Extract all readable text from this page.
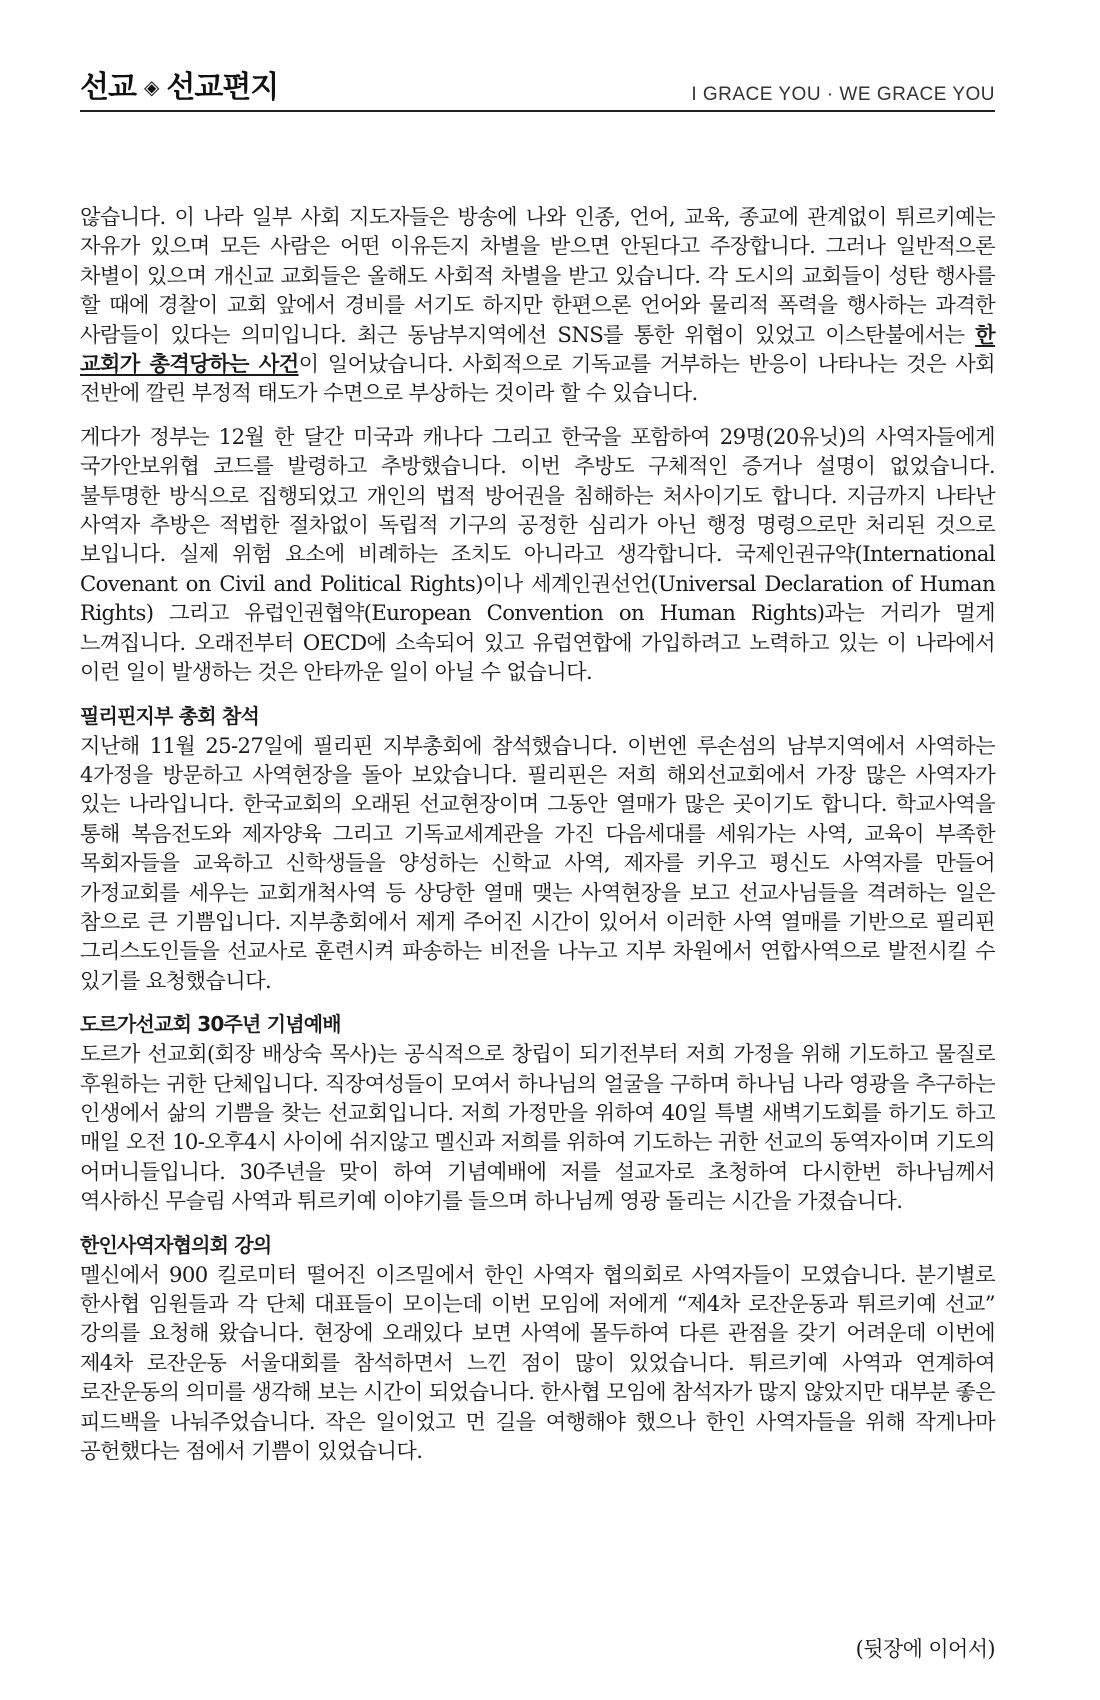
선교 ◈ 선교편지	I GRACE YOU · WE GRACE YOU

않습니다. 이 나라 일부 사회 지도자들은 방송에 나와 인종, 언어, 교육, 종교에 관계없이 튀르키예는 자유가 있으며 모든 사람은 어떤 이유든지 차별을 받으면 안된다고 주장합니다. 그러나 일반적으론 차별이 있으며 개신교 교회들은 올해도 사회적 차별을 받고 있습니다. 각 도시의 교회들이 성탄 행사를 할 때에 경찰이 교회 앞에서 경비를 서기도 하지만 한편으론 언어와 물리적 폭력을 행사하는 과격한 사람들이 있다는 의미입니다. 최근 동남부지역에선 SNS를 통한 위협이 있었고 이스탄불에서는 한 교회가 총격당하는 사건이 일어났습니다. 사회적으로 기독교를 거부하는 반응이 나타나는 것은 사회 전반에 깔린 부정적 태도가 수면으로 부상하는 것이라 할 수 있습니다.

게다가 정부는 12월 한 달간 미국과 캐나다 그리고 한국을 포함하여 29명(20유닛)의 사역자들에게 국가안보위협 코드를 발령하고 추방했습니다. 이번 추방도 구체적인 증거나 설명이 없었습니다. 불투명한 방식으로 집행되었고 개인의 법적 방어권을 침해하는 처사이기도 합니다. 지금까지 나타난 사역자 추방은 적법한 절차없이 독립적 기구의 공정한 심리가 아닌 행정 명령으로만 처리된 것으로 보입니다. 실제 위험 요소에 비례하는 조치도 아니라고 생각합니다. 국제인권규약(International Covenant on Civil and Political Rights)이나 세계인권선언(Universal Declaration of Human Rights) 그리고 유럽인권협약(European Convention on Human Rights)과는 거리가 멀게 느껴집니다. 오래전부터 OECD에 소속되어 있고 유럽연합에 가입하려고 노력하고 있는 이 나라에서 이런 일이 발생하는 것은 안타까운 일이 아닐 수 없습니다.

필리핀지부 총회 참석

지난해 11월 25-27일에 필리핀 지부총회에 참석했습니다. 이번엔 루손섬의 남부지역에서 사역하는 4가정을 방문하고 사역현장을 돌아 보았습니다. 필리핀은 저희 해외선교회에서 가장 많은 사역자가 있는 나라입니다. 한국교회의 오래된 선교현장이며 그동안 열매가 많은 곳이기도 합니다. 학교사역을 통해 복음전도와 제자양육 그리고 기독교세계관을 가진 다음세대를 세워가는 사역, 교육이 부족한 목회자들을 교육하고 신학생들을 양성하는 신학교 사역, 제자를 키우고 평신도 사역자를 만들어 가정교회를 세우는 교회개척사역 등 상당한 열매 맺는 사역현장을 보고 선교사님들을 격려하는 일은 참으로 큰 기쁨입니다. 지부총회에서 제게 주어진 시간이 있어서 이러한 사역 열매를 기반으로 필리핀 그리스도인들을 선교사로 훈련시켜 파송하는 비전을 나누고 지부 차원에서 연합사역으로 발전시킬 수 있기를 요청했습니다.

도르가선교회 30주년 기념예배

도르가 선교회(회장 배상숙 목사)는 공식적으로 창립이 되기전부터 저희 가정을 위해 기도하고 물질로 후원하는 귀한 단체입니다. 직장여성들이 모여서 하나님의 얼굴을 구하며 하나님 나라 영광을 추구하는 인생에서 삶의 기쁨을 찾는 선교회입니다. 저희 가정만을 위하여 40일 특별 새벽기도회를 하기도 하고 매일 오전 10-오후4시 사이에 쉬지않고 멜신과 저희를 위하여 기도하는 귀한 선교의 동역자이며 기도의 어머니들입니다. 30주년을 맞이 하여 기념예배에 저를 설교자로 초청하여 다시한번 하나님께서 역사하신 무슬림 사역과 튀르키예 이야기를 들으며 하나님께 영광 돌리는 시간을 가졌습니다.

한인사역자협의회 강의

멜신에서 900 킬로미터 떨어진 이즈밀에서 한인 사역자 협의회로 사역자들이 모였습니다. 분기별로 한사협 임원들과 각 단체 대표들이 모이는데 이번 모임에 저에게 “제4차 로잔운동과 튀르키예 선교” 강의를 요청해 왔습니다. 현장에 오래있다 보면 사역에 몰두하여 다른 관점을 갖기 어려운데 이번에 제4차 로잔운동 서울대회를 참석하면서 느낀 점이 많이 있었습니다. 튀르키예 사역과 연계하여 로잔운동의 의미를 생각해 보는 시간이 되었습니다. 한사협 모임에 참석자가 많지 않았지만 대부분 좋은 피드백을 나눠주었습니다. 작은 일이었고 먼 길을 여행해야 했으나 한인 사역자들을 위해 작게나마 공헌했다는 점에서 기쁨이 있었습니다.

(뒷장에 이어서)
